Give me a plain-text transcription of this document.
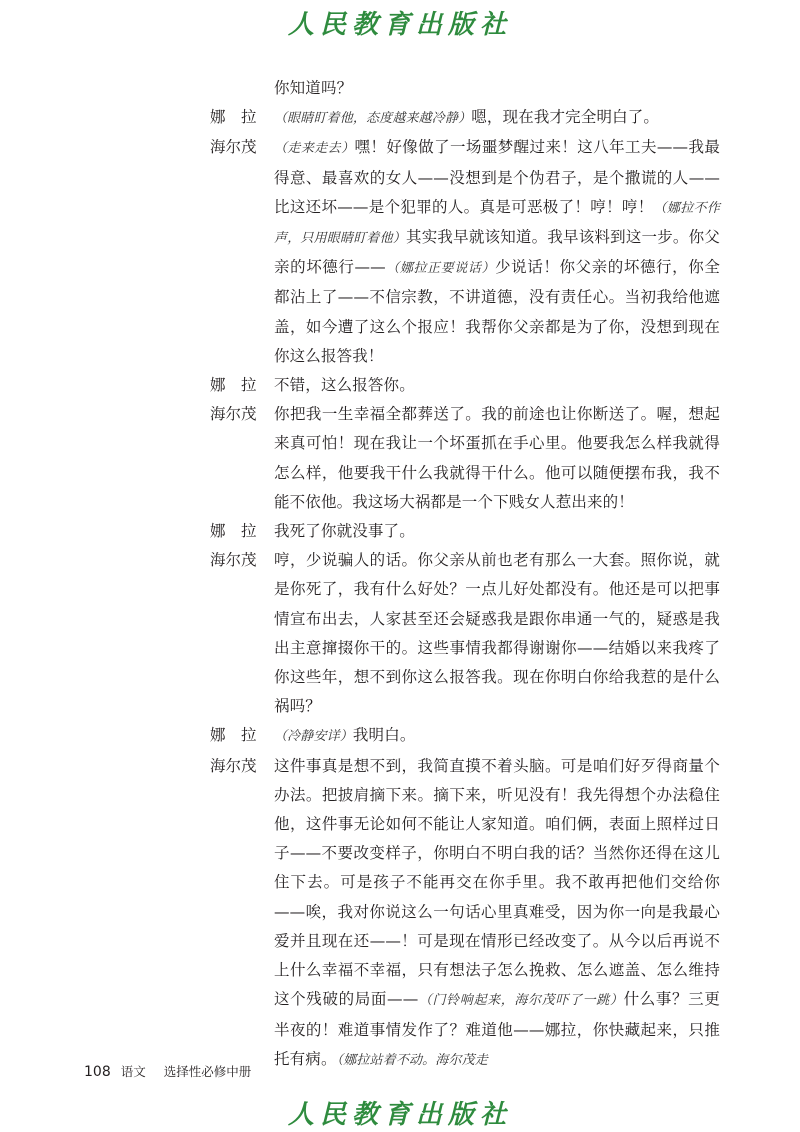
人民教育出版社
你知道吗？
娜　拉	（眼睛盯着他，态度越来越冷静）嗯，现在我才完全明白了。
海尔茂	（走来走去）嘿！好像做了一场噩梦醒过来！这八年工夫——我最得意、最喜欢的女人——没想到是个伪君子，是个撒谎的人——比这还坏——是个犯罪的人。真是可恶极了！哼！哼！（娜拉不作声，只用眼睛盯着他）其实我早就该知道。我早该料到这一步。你父亲的坏德行——（娜拉正要说话）少说话！你父亲的坏德行，你全都沾上了——不信宗教，不讲道德，没有责任心。当初我给他遮盖，如今遭了这么个报应！我帮你父亲都是为了你，没想到现在你这么报答我！
娜　拉	不错，这么报答你。
海尔茂	你把我一生幸福全都葬送了。我的前途也让你断送了。喔，想起来真可怕！现在我让一个坏蛋抓在手心里。他要我怎么样我就得怎么样，他要我干什么我就得干什么。他可以随便摆布我，我不能不依他。我这场大祸都是一个下贱女人惹出来的！
娜　拉	我死了你就没事了。
海尔茂	哼，少说骗人的话。你父亲从前也老有那么一大套。照你说，就是你死了，我有什么好处？一点儿好处都没有。他还是可以把事情宣布出去，人家甚至还会疑惑我是跟你串通一气的，疑惑是我出主意撺掇你干的。这些事情我都得谢谢你——结婚以来我疼了你这些年，想不到你这么报答我。现在你明白你给我惹的是什么祸吗？
娜　拉	（冷静安详）我明白。
海尔茂	这件事真是想不到，我简直摸不着头脑。可是咱们好歹得商量个办法。把披肩摘下来。摘下来，听见没有！我先得想个办法稳住他，这件事无论如何不能让人家知道。咱们俩，表面上照样过日子——不要改变样子，你明白不明白我的话？当然你还得在这儿住下去。可是孩子不能再交在你手里。我不敢再把他们交给你——唉，我对你说这么一句话心里真难受，因为你一向是我最心爱并且现在还——！可是现在情形已经改变了。从今以后再说不上什么幸福不幸福，只有想法子怎么挽救、怎么遮盖、怎么维持这个残破的局面——（门铃响起来，海尔茂吓了一跳）什么事？三更半夜的！难道事情发作了？难道他——娜拉，你快藏起来，只推托有病。（娜拉站着不动。海尔茂走
108 语文 选择性必修中册
人民教育出版社
